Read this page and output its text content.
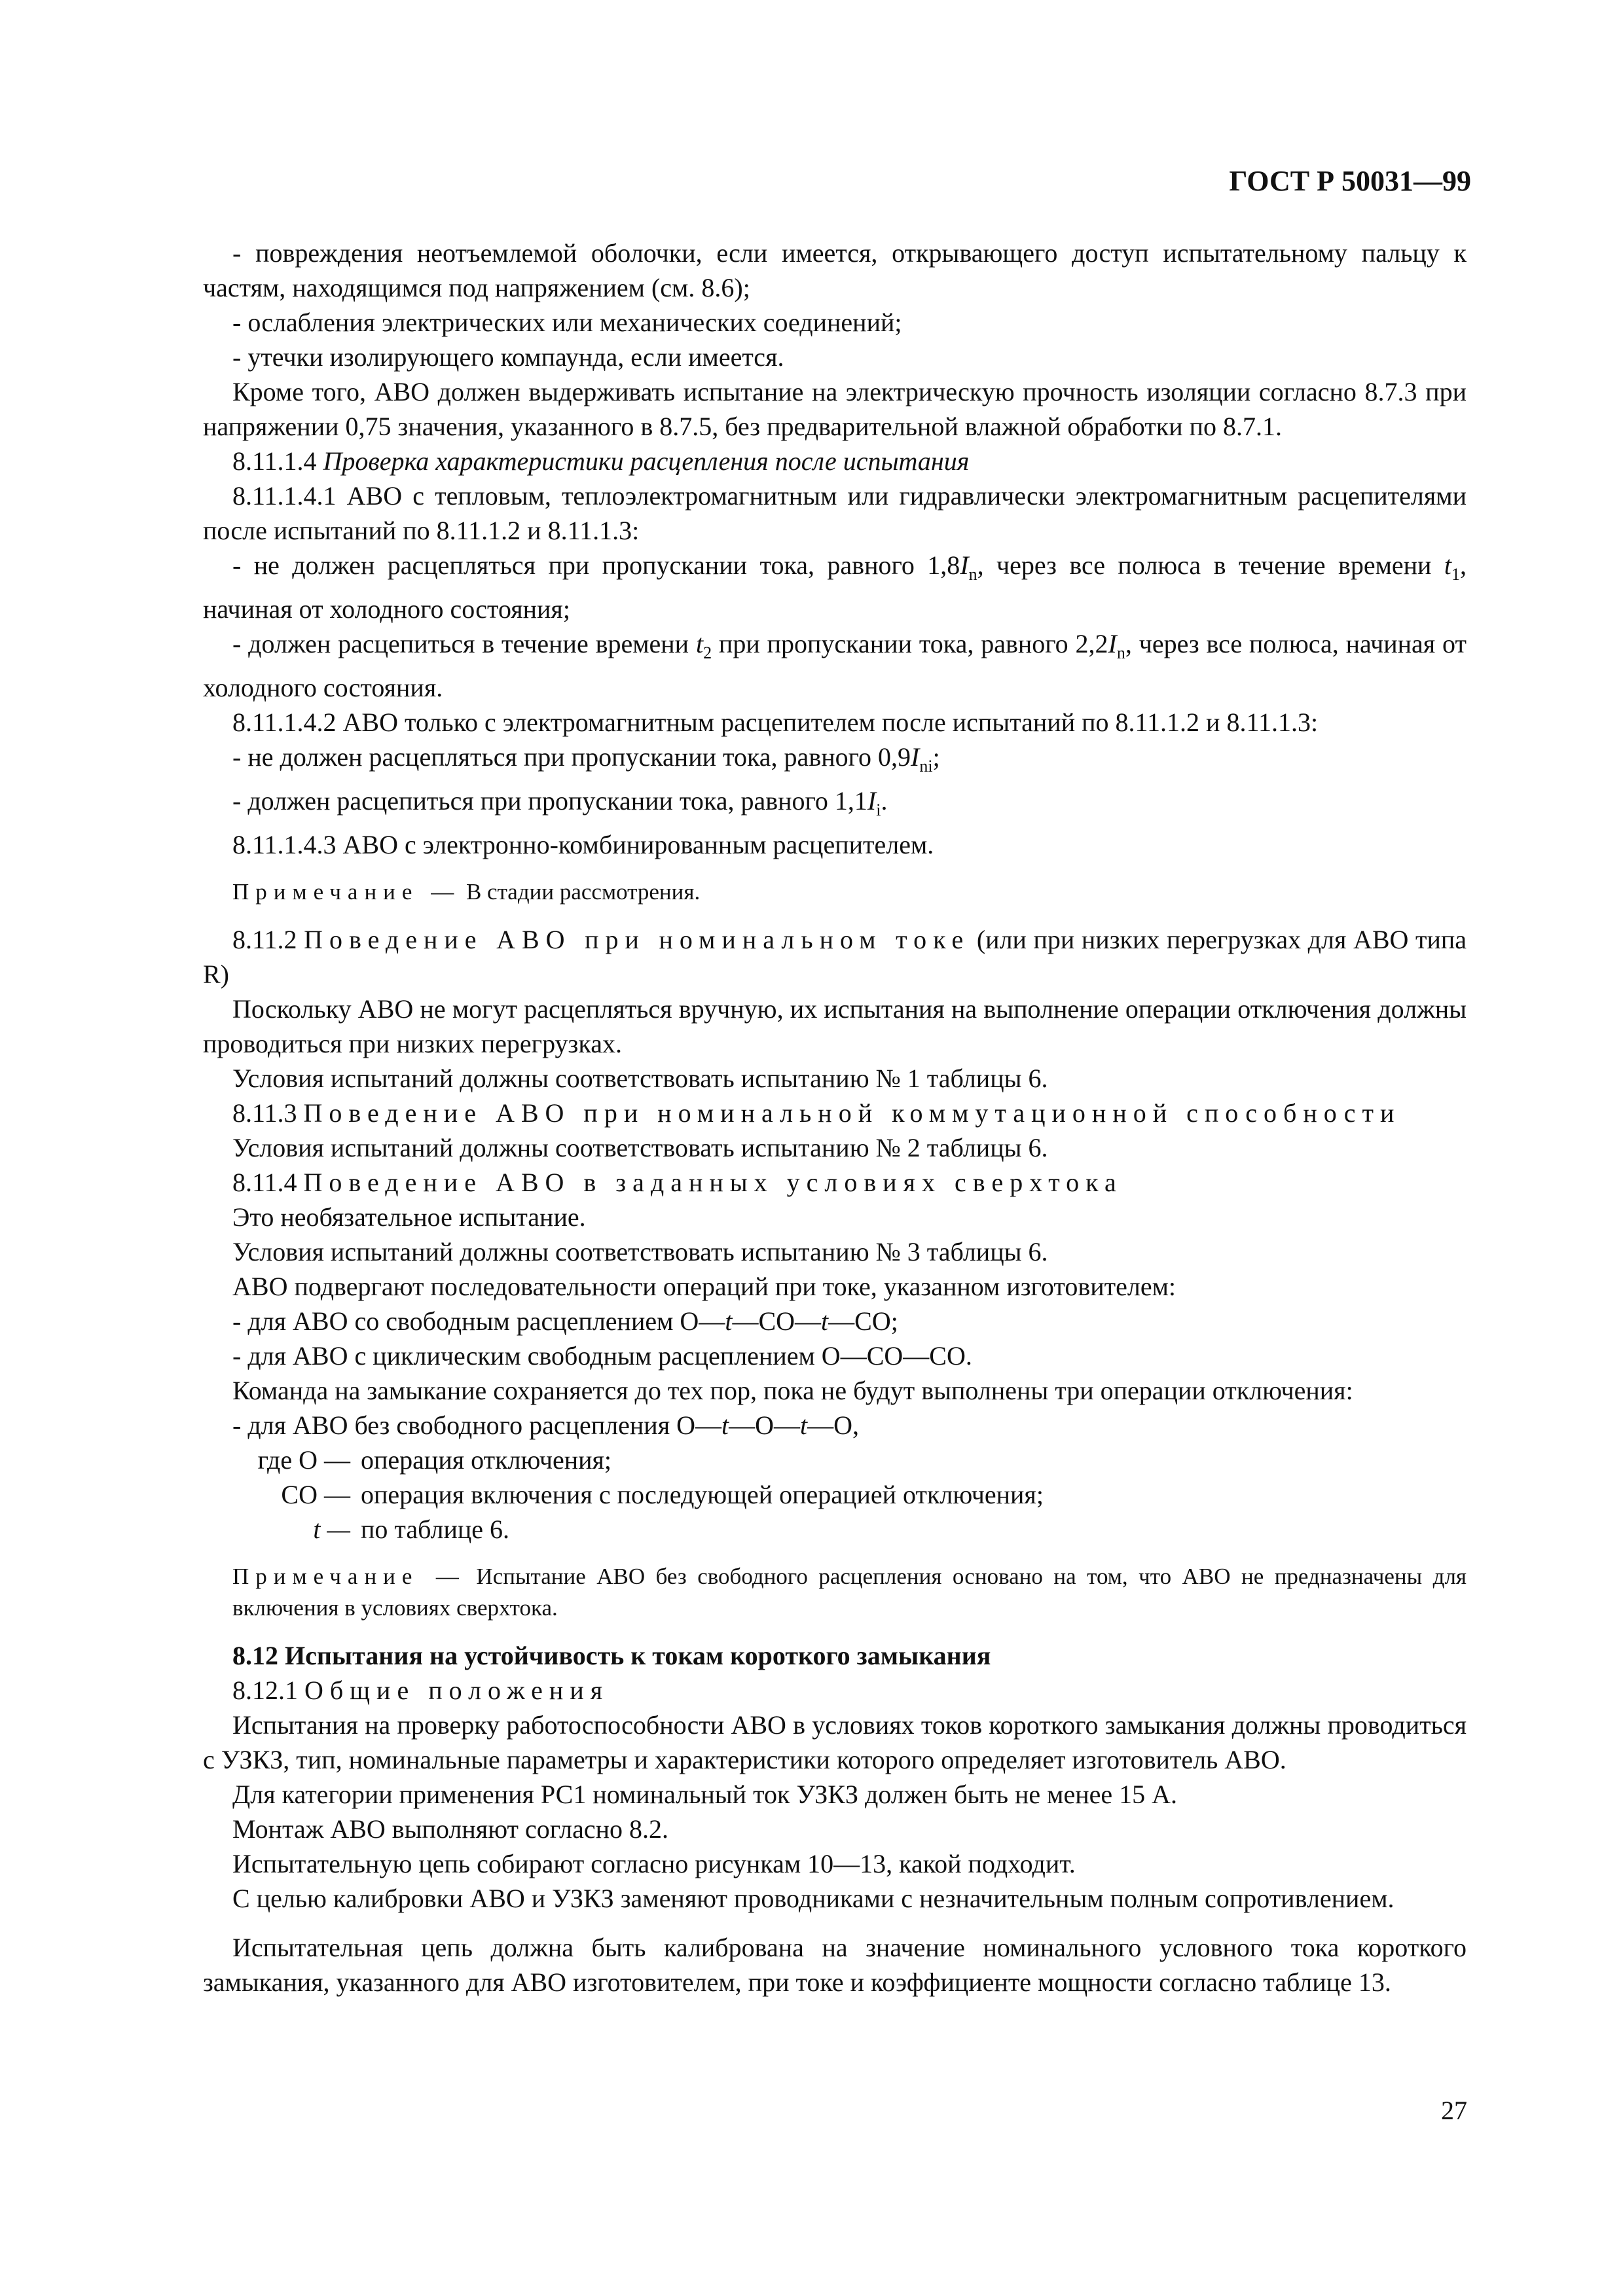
ГОСТ Р 50031—99

- повреждения неотъемлемой оболочки, если имеется, открывающего доступ испытательному пальцу к частям, находящимся под напряжением (см. 8.6);

- ослабления электрических или механических соединений;

- утечки изолирующего компаунда, если имеется.

Кроме того, АВО должен выдерживать испытание на электрическую прочность изоляции согласно 8.7.3 при напряжении 0,75 значения, указанного в 8.7.5, без предварительной влажной обработки по 8.7.1.

8.11.1.4 Проверка характеристики расцепления после испытания

8.11.1.4.1 АВО с тепловым, теплоэлектромагнитным или гидравлически электромагнитным расцепителями после испытаний по 8.11.1.2 и 8.11.1.3:

- не должен расцепляться при пропускании тока, равного $1,8I_n$, через все полюса в течение времени $t_1$, начиная от холодного состояния;

- должен расцепиться в течение времени $t_2$ при пропускании тока, равного $2,2I_n$, через все полюса, начиная от холодного состояния.

8.11.1.4.2 АВО только с электромагнитным расцепителем после испытаний по 8.11.1.2 и 8.11.1.3:

- не должен расцепляться при пропускании тока, равного $0,9I_{ni}$;

- должен расцепиться при пропускании тока, равного $1,1I_i$.

8.11.1.4.3 АВО с электронно-комбинированным расцепителем.

Примечание — В стадии рассмотрения.

8.11.2 Поведение АВО при номинальном токе (или при низких перегрузках для АВО типа R)

Поскольку АВО не могут расцепляться вручную, их испытания на выполнение операции отключения должны проводиться при низких перегрузках.

Условия испытаний должны соответствовать испытанию № 1 таблицы 6.

8.11.3 Поведение АВО при номинальной коммутационной способности

Условия испытаний должны соответствовать испытанию № 2 таблицы 6.

8.11.4 Поведение АВО в заданных условиях сверхтока

Это необязательное испытание.

Условия испытаний должны соответствовать испытанию № 3 таблицы 6.

АВО подвергают последовательности операций при токе, указанном изготовителем:

- для АВО со свободным расцеплением О—t—СО—t—СО;

- для АВО с циклическим свободным расцеплением О—СО—СО.

Команда на замыкание сохраняется до тех пор, пока не будут выполнены три операции отключения:

- для АВО без свободного расцепления О—t—О—t—О,

где О — операция отключения;
СО — операция включения с последующей операцией отключения;
t — по таблице 6.

Примечание — Испытание АВО без свободного расцепления основано на том, что АВО не предназначены для включения в условиях сверхтока.

8.12 Испытания на устойчивость к токам короткого замыкания

8.12.1 Общие положения

Испытания на проверку работоспособности АВО в условиях токов короткого замыкания должны проводиться с УЗКЗ, тип, номинальные параметры и характеристики которого определяет изготовитель АВО.

Для категории применения РС1 номинальный ток УЗКЗ должен быть не менее 15 А.

Монтаж АВО выполняют согласно 8.2.

Испытательную цепь собирают согласно рисункам 10—13, какой подходит.

С целью калибровки АВО и УЗКЗ заменяют проводниками с незначительным полным сопротивлением.

Испытательная цепь должна быть калибрована на значение номинального условного тока короткого замыкания, указанного для АВО изготовителем, при токе и коэффициенте мощности согласно таблице 13.

27
